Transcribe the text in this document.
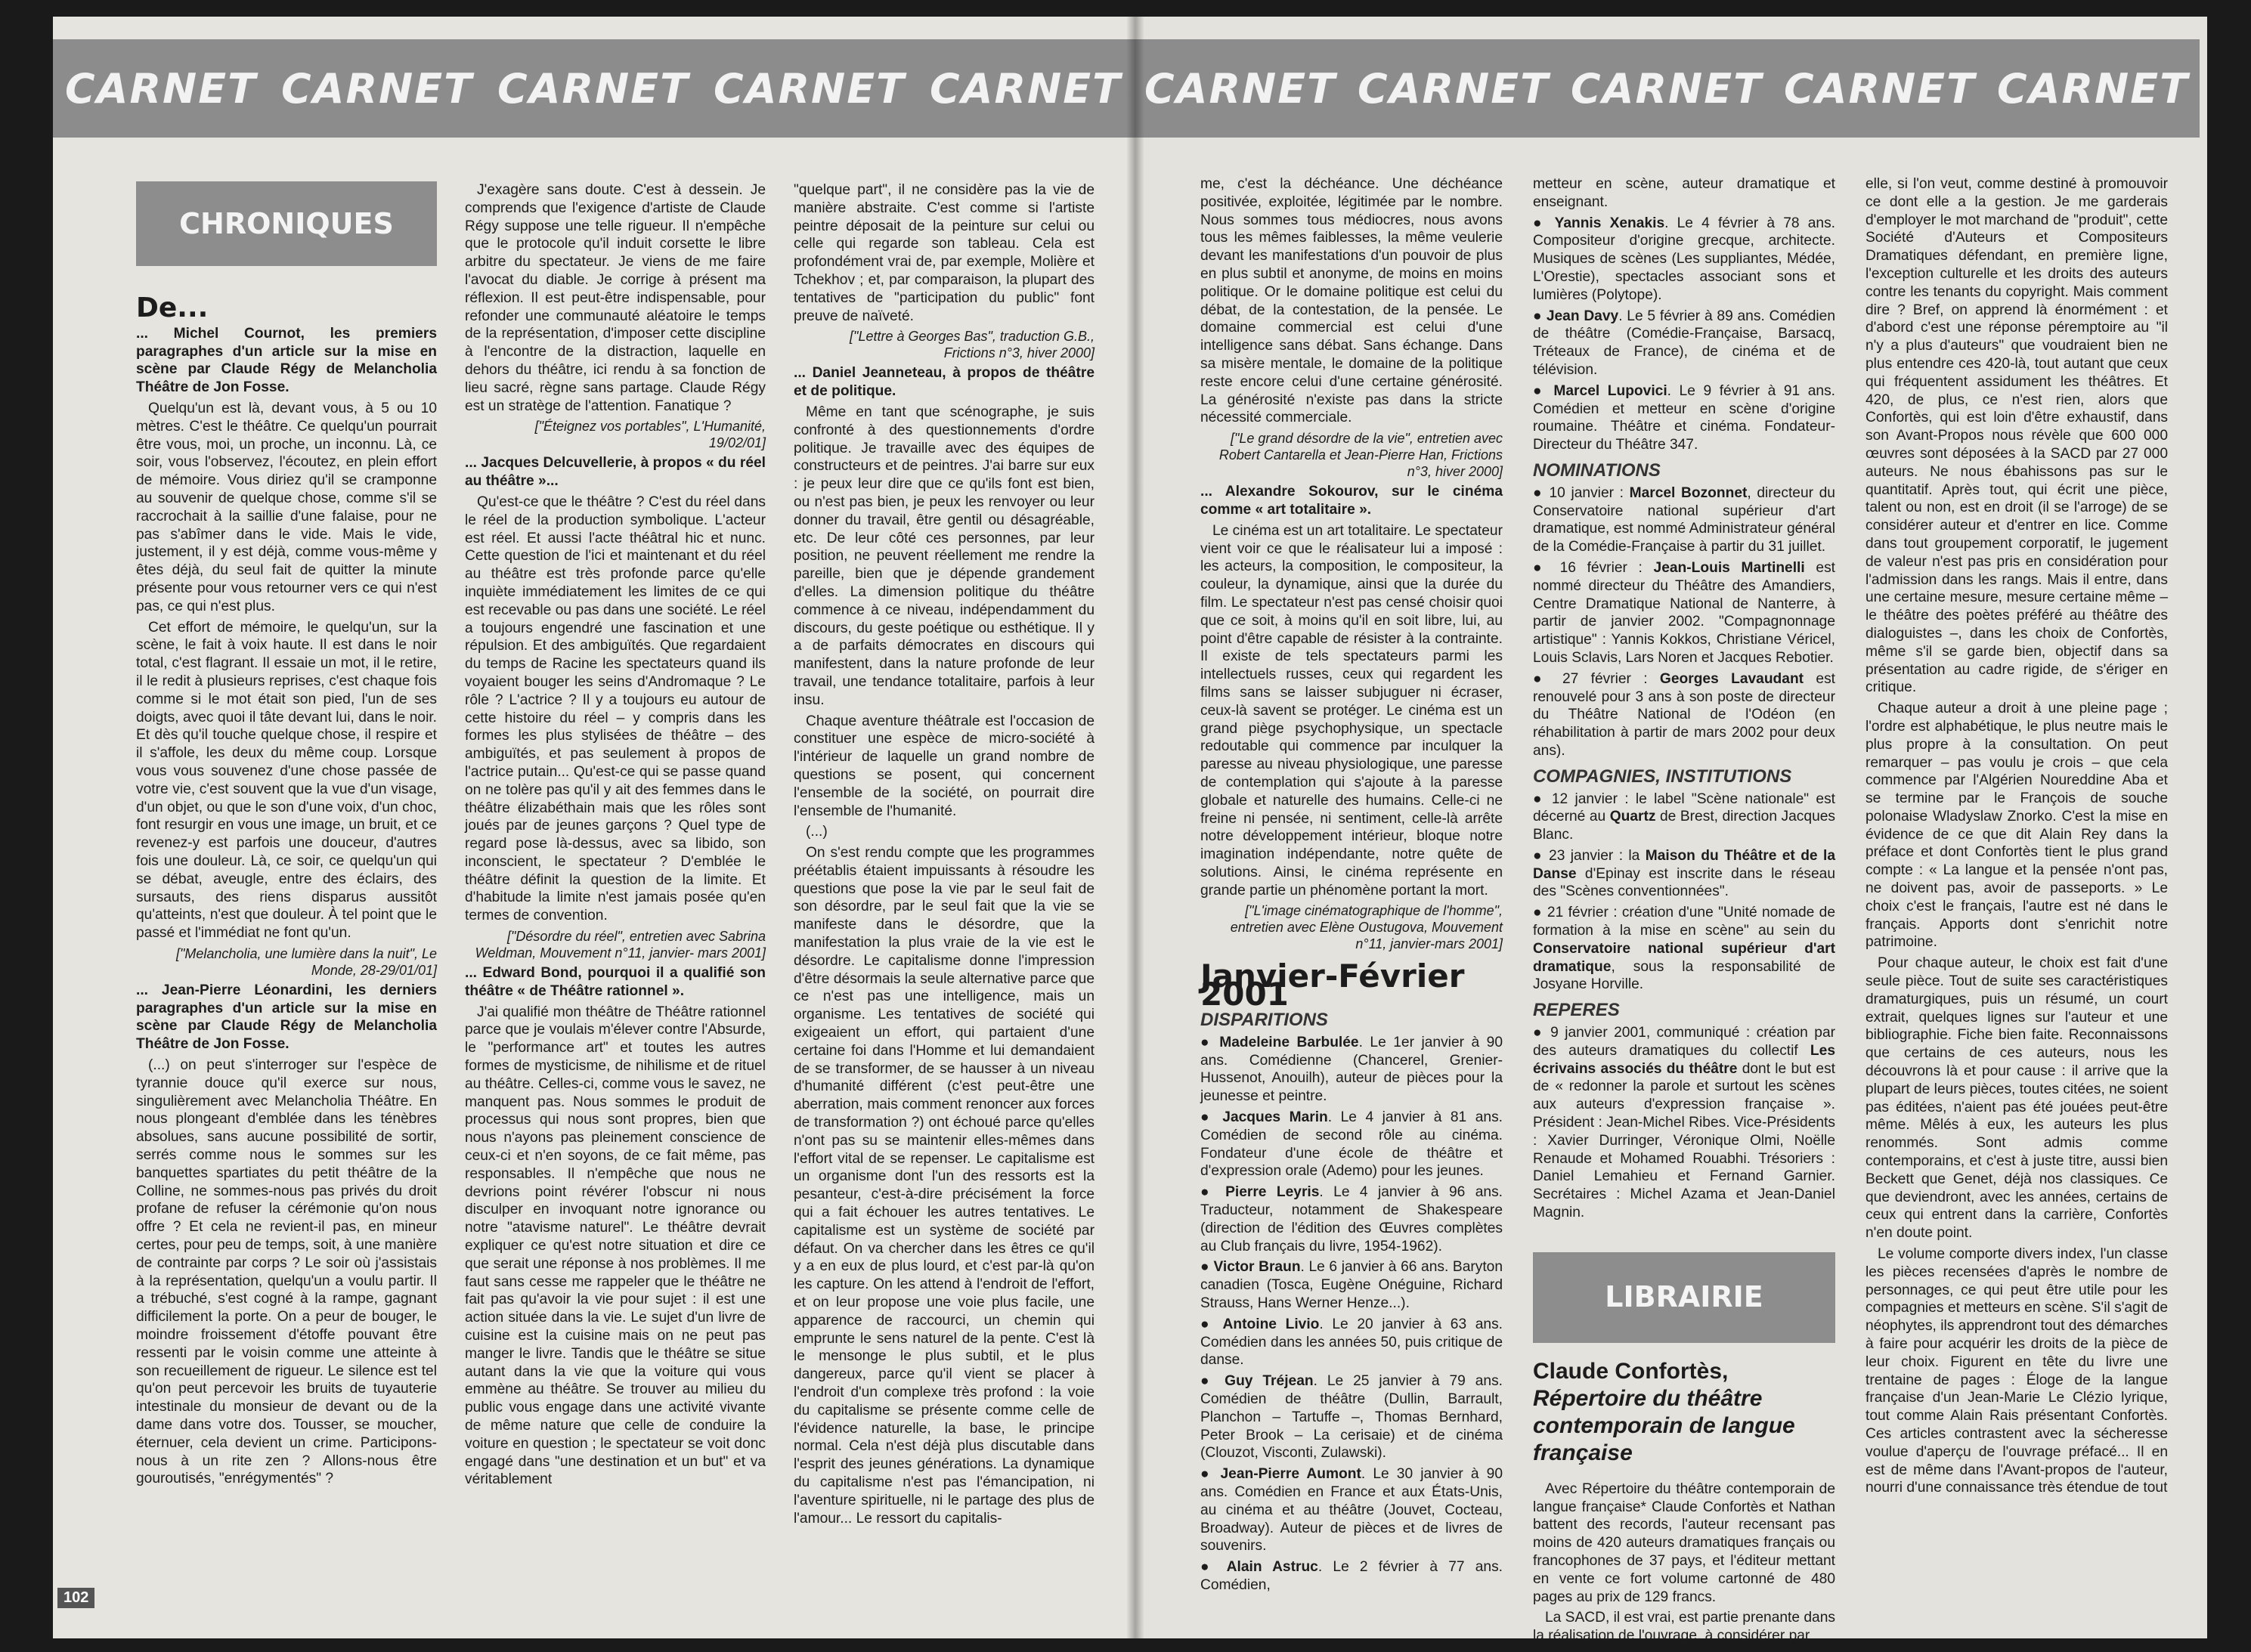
CARNET CARNET CARNET CARNET CARNET
CHRONIQUES
De...

... Michel Cournot, les premiers paragraphes d'un article sur la mise en scène par Claude Régy de Melancholia Théâtre de Jon Fosse.

Quelqu'un est là, devant vous, à 5 ou 10 mètres. C'est le théâtre. Ce quelqu'un pourrait être vous, moi, un proche, un inconnu. Là, ce soir, vous l'observez, l'écoutez, en plein effort de mémoire. Vous diriez qu'il se cramponne au souvenir de quelque chose, comme s'il se raccrochait à la saillie d'une falaise, pour ne pas s'abîmer dans le vide. Mais le vide, justement, il y est déjà, comme vous-même y êtes déjà, du seul fait de quitter la minute présente pour vous retourner vers ce qui n'est pas, ce qui n'est plus.

Cet effort de mémoire, le quelqu'un, sur la scène, le fait à voix haute. Il est dans le noir total, c'est flagrant. Il essaie un mot, il le retire, il le redit à plusieurs reprises, c'est chaque fois comme si le mot était son pied, l'un de ses doigts, avec quoi il tâte devant lui, dans le noir. Et dès qu'il touche quelque chose, il respire et il s'affole, les deux du même coup. Lorsque vous vous souvenez d'une chose passée de votre vie, c'est souvent que la vue d'un visage, d'un objet, ou que le son d'une voix, d'un choc, font resurgir en vous une image, un bruit, et ce revenez-y est parfois une douceur, d'autres fois une douleur. Là, ce soir, ce quelqu'un qui se débat, aveugle, entre des éclairs, des sursauts, des riens disparus aussitôt qu'atteints, n'est que douleur. À tel point que le passé et l'immédiat ne font qu'un.

["Melancholia, une lumière dans la nuit", Le Monde, 28-29/01/01]

... Jean-Pierre Léonardini, les derniers paragraphes d'un article sur la mise en scène par Claude Régy de Melancholia Théâtre de Jon Fosse.

(...) on peut s'interroger sur l'espèce de tyrannie douce qu'il exerce sur nous, singulièrement avec Melancholia Théâtre. En nous plongeant d'emblée dans les ténèbres absolues, sans aucune possibilité de sortir, serrés comme nous le sommes sur les banquettes spartiates du petit théâtre de la Colline, ne sommes-nous pas privés du droit profane de refuser la cérémonie qu'on nous offre ? Et cela ne revient-il pas, en mineur certes, pour peu de temps, soit, à une manière de contrainte par corps ? Le soir où j'assistais à la représentation, quelqu'un a voulu partir. Il a trébuché, s'est cogné à la rampe, gagnant difficilement la porte. On a peur de bouger, le moindre froissement d'étoffe pouvant être ressenti par le voisin comme une atteinte à son recueillement de rigueur. Le silence est tel qu'on peut percevoir les bruits de tuyauterie intestinale du monsieur de devant ou de la dame dans votre dos. Tousser, se moucher, éternuer, cela devient un crime. Participons-nous à un rite zen ? Allons-nous être gouroutisés, "enrégymentés" ?

J'exagère sans doute. C'est à dessein. Je comprends que l'exigence d'artiste de Claude Régy suppose une telle rigueur. Il n'empêche que le protocole qu'il induit corsette le libre arbitre du spectateur. Je viens de me faire l'avocat du diable. Je corrige à présent ma réflexion. Il est peut-être indispensable, pour refonder une communauté aléatoire le temps de la représentation, d'imposer cette discipline à l'encontre de la distraction, laquelle en dehors du théâtre, ici rendu à sa fonction de lieu sacré, règne sans partage. Claude Régy est un stratège de l'attention. Fanatique ?

["Éteignez vos portables", L'Humanité, 19/02/01]

... Jacques Delcuvellerie, à propos « du réel au théâtre »...

Qu'est-ce que le théâtre ? C'est du réel dans le réel de la production symbolique. L'acteur est réel. Et aussi l'acte théâtral hic et nunc. Cette question de l'ici et maintenant et du réel au théâtre est très profonde parce qu'elle inquiète immédiatement les limites de ce qui est recevable ou pas dans une société. Le réel a toujours engendré une fascination et une répulsion. Et des ambiguïtés. Que regardaient du temps de Racine les spectateurs quand ils voyaient bouger les seins d'Andromaque ? Le rôle ? L'actrice ? Il y a toujours eu autour de cette histoire du réel – y compris dans les formes les plus stylisées de théâtre – des ambiguïtés, et pas seulement à propos de l'actrice putain... Qu'est-ce qui se passe quand on ne tolère pas qu'il y ait des femmes dans le théâtre élizabéthain mais que les rôles sont joués par de jeunes garçons ? Quel type de regard pose là-dessus, avec sa libido, son inconscient, le spectateur ? D'emblée le théâtre définit la question de la limite. Et d'habitude la limite n'est jamais posée qu'en termes de convention.

["Désordre du réel", entretien avec Sabrina Weldman, Mouvement n°11, janvier- mars 2001]

... Edward Bond, pourquoi il a qualifié son théâtre « de Théâtre rationnel ».

J'ai qualifié mon théâtre de Théâtre rationnel parce que je voulais m'élever contre l'Absurde, le "performance art" et toutes les autres formes de mysticisme, de nihilisme et de rituel au théâtre. Celles-ci, comme vous le savez, ne manquent pas. Nous sommes le produit de processus qui nous sont propres, bien que nous n'ayons pas pleinement conscience de ceux-ci et n'en soyons, de ce fait même, pas responsables. Il n'empêche que nous ne devrions point révérer l'obscur ni nous disculper en invoquant notre ignorance ou notre "atavisme naturel". Le théâtre devrait expliquer ce qu'est notre situation et dire ce que serait une réponse à nos problèmes. Il me faut sans cesse me rappeler que le théâtre ne fait pas qu'avoir la vie pour sujet : il est une action située dans la vie. Le sujet d'un livre de cuisine est la cuisine mais on ne peut pas manger le livre. Tandis que le théâtre se situe autant dans la vie que la voiture qui vous emmène au théâtre. Se trouver au milieu du public vous engage dans une activité vivante de même nature que celle de conduire la voiture en question ; le spectateur se voit donc engagé dans "une destination et un but" et va véritablement

"quelque part", il ne considère pas la vie de manière abstraite. C'est comme si l'artiste peintre déposait de la peinture sur celui ou celle qui regarde son tableau. Cela est profondément vrai de, par exemple, Molière et Tchekhov ; et, par comparaison, la plupart des tentatives de "participation du public" font preuve de naïveté.

["Lettre à Georges Bas", traduction G.B., Frictions n°3, hiver 2000]

... Daniel Jeanneteau, à propos de théâtre et de politique.

Même en tant que scénographe, je suis confronté à des questionnements d'ordre politique. Je travaille avec des équipes de constructeurs et de peintres. J'ai barre sur eux : je peux leur dire que ce qu'ils font est bien, ou n'est pas bien, je peux les renvoyer ou leur donner du travail, être gentil ou désagréable, etc. De leur côté ces personnes, par leur position, ne peuvent réellement me rendre la pareille, bien que je dépende grandement d'elles. La dimension politique du théâtre commence à ce niveau, indépendamment du discours, du geste poétique ou esthétique. Il y a de parfaits démocrates en discours qui manifestent, dans la nature profonde de leur travail, une tendance totalitaire, parfois à leur insu.

Chaque aventure théâtrale est l'occasion de constituer une espèce de micro-société à l'intérieur de laquelle un grand nombre de questions se posent, qui concernent l'ensemble de la société, on pourrait dire l'ensemble de l'humanité.

(...)

On s'est rendu compte que les programmes préétablis étaient impuissants à résoudre les questions que pose la vie par le seul fait de son désordre, par le seul fait que la vie se manifeste dans le désordre, que la manifestation la plus vraie de la vie est le désordre. Le capitalisme donne l'impression d'être désormais la seule alternative parce que ce n'est pas une intelligence, mais un organisme. Les tentatives de société qui exigeaient un effort, qui partaient d'une certaine foi dans l'Homme et lui demandaient de se transformer, de se hausser à un niveau d'humanité différent (c'est peut-être une aberration, mais comment renoncer aux forces de transformation ?) ont échoué parce qu'elles n'ont pas su se maintenir elles-mêmes dans l'effort vital de se repenser. Le capitalisme est un organisme dont l'un des ressorts est la pesanteur, c'est-à-dire précisément la force qui a fait échouer les autres tentatives. Le capitalisme est un système de société par défaut. On va chercher dans les êtres ce qu'il y a en eux de plus lourd, et c'est par-là qu'on les capture. On les attend à l'endroit de l'effort, et on leur propose une voie plus facile, une apparence de raccourci, un chemin qui emprunte le sens naturel de la pente. C'est là le mensonge le plus subtil, et le plus dangereux, parce qu'il vient se placer à l'endroit d'un complexe très profond : la voie du capitalisme se présente comme celle de l'évidence naturelle, la base, le principe normal. Cela n'est déjà plus discutable dans l'esprit des jeunes générations. La dynamique du capitalisme n'est pas l'émancipation, ni l'aventure spirituelle, ni le partage des plus de l'amour... Le ressort du capitalis-

102
CARNET CARNET CARNET CARNET CARNET

me, c'est la déchéance. Une déchéance positivée, exploitée, légitimée par le nombre. Nous sommes tous médiocres, nous avons tous les mêmes faiblesses, la même veulerie devant les manifestations d'un pouvoir de plus en plus subtil et anonyme, de moins en moins politique. Or le domaine politique est celui du débat, de la contestation, de la pensée. Le domaine commercial est celui d'une intelligence sans débat. Sans échange. Dans sa misère mentale, le domaine de la politique reste encore celui d'une certaine générosité. La générosité n'existe pas dans la stricte nécessité commerciale.

["Le grand désordre de la vie", entretien avec Robert Cantarella et Jean-Pierre Han, Frictions n°3, hiver 2000]

... Alexandre Sokourov, sur le cinéma comme « art totalitaire ».

Le cinéma est un art totalitaire. Le spectateur vient voir ce que le réalisateur lui a imposé : les acteurs, la composition, le compositeur, la couleur, la dynamique, ainsi que la durée du film. Le spectateur n'est pas censé choisir quoi que ce soit, à moins qu'il en soit libre, lui, au point d'être capable de résister à la contrainte. Il existe de tels spectateurs parmi les intellectuels russes, ceux qui regardent les films sans se laisser subjuguer ni écraser, ceux-là savent se protéger. Le cinéma est un grand piège psychophysique, un spectacle redoutable qui commence par inculquer la paresse au niveau physiologique, une paresse de contemplation qui s'ajoute à la paresse globale et naturelle des humains. Celle-ci ne freine ni pensée, ni sentiment, celle-là arrête notre développement intérieur, bloque notre imagination indépendante, notre quête de solutions. Ainsi, le cinéma représente en grande partie un phénomène portant la mort.

["L'image cinématographique de l'homme", entretien avec Elène Oustugova, Mouvement n°11, janvier-mars 2001]

Janvier-Février 2001
DISPARITIONS

● Madeleine Barbulée. Le 1er janvier à 90 ans. Comédienne (Chancerel, Grenier-Hussenot, Anouilh), auteur de pièces pour la jeunesse et peintre.

● Jacques Marin. Le 4 janvier à 81 ans. Comédien de second rôle au cinéma. Fondateur d'une école de théâtre et d'expression orale (Ademo) pour les jeunes.

● Pierre Leyris. Le 4 janvier à 96 ans. Traducteur, notamment de Shakespeare (direction de l'édition des Œuvres complètes au Club français du livre, 1954-1962).

● Victor Braun. Le 6 janvier à 66 ans. Baryton canadien (Tosca, Eugène Onéguine, Richard Strauss, Hans Werner Henze...).

● Antoine Livio. Le 20 janvier à 63 ans. Comédien dans les années 50, puis critique de danse.

● Guy Tréjean. Le 25 janvier à 79 ans. Comédien de théâtre (Dullin, Barrault, Planchon – Tartuffe –, Thomas Bernhard, Peter Brook – La cerisaie) et de cinéma (Clouzot, Visconti, Zulawski).

● Jean-Pierre Aumont. Le 30 janvier à 90 ans. Comédien en France et aux États-Unis, au cinéma et au théâtre (Jouvet, Cocteau, Broadway). Auteur de pièces et de livres de souvenirs.

● Alain Astruc. Le 2 février à 77 ans. Comédien,

metteur en scène, auteur dramatique et enseignant.

● Yannis Xenakis. Le 4 février à 78 ans. Compositeur d'origine grecque, architecte. Musiques de scènes (Les suppliantes, Médée, L'Orestie), spectacles associant sons et lumières (Polytope).

● Jean Davy. Le 5 février à 89 ans. Comédien de théâtre (Comédie-Française, Barsacq, Tréteaux de France), de cinéma et de télévision.

● Marcel Lupovici. Le 9 février à 91 ans. Comédien et metteur en scène d'origine roumaine. Théâtre et cinéma. Fondateur-Directeur du Théâtre 347.

NOMINATIONS

● 10 janvier : Marcel Bozonnet, directeur du Conservatoire national supérieur d'art dramatique, est nommé Administrateur général de la Comédie-Française à partir du 31 juillet.

● 16 février : Jean-Louis Martinelli est nommé directeur du Théâtre des Amandiers, Centre Dramatique National de Nanterre, à partir de janvier 2002. "Compagnonnage artistique" : Yannis Kokkos, Christiane Véricel, Louis Sclavis, Lars Noren et Jacques Rebotier.

● 27 février : Georges Lavaudant est renouvelé pour 3 ans à son poste de directeur du Théâtre National de l'Odéon (en réhabilitation à partir de mars 2002 pour deux ans).

COMPAGNIES, INSTITUTIONS

● 12 janvier : le label "Scène nationale" est décerné au Quartz de Brest, direction Jacques Blanc.

● 23 janvier : la Maison du Théâtre et de la Danse d'Epinay est inscrite dans le réseau des "Scènes conventionnées".

● 21 février : création d'une "Unité nomade de formation à la mise en scène" au sein du Conservatoire national supérieur d'art dramatique, sous la responsabilité de Josyane Horville.

REPERES

● 9 janvier 2001, communiqué : création par des auteurs dramatiques du collectif Les écrivains associés du théâtre dont le but est de « redonner la parole et surtout les scènes aux auteurs d'expression française ». Président : Jean-Michel Ribes. Vice-Présidents : Xavier Durringer, Véronique Olmi, Noëlle Renaude et Mohamed Rouabhi. Trésoriers : Daniel Lemahieu et Fernand Garnier. Secrétaires : Michel Azama et Jean-Daniel Magnin.

LIBRAIRIE
Claude Confortès,
Répertoire du théâtre contemporain de langue française

Avec Répertoire du théâtre contemporain de langue française* Claude Confortès et Nathan battent des records, l'auteur recensant pas moins de 420 auteurs dramatiques français ou francophones de 37 pays, et l'éditeur mettant en vente ce fort volume cartonné de 480 pages au prix de 129 francs.

La SACD, il est vrai, est partie prenante dans la réalisation de l'ouvrage, à considérer par

elle, si l'on veut, comme destiné à promouvoir ce dont elle a la gestion. Je me garderais d'employer le mot marchand de "produit", cette Société d'Auteurs et Compositeurs Dramatiques défendant, en première ligne, l'exception culturelle et les droits des auteurs contre les tenants du copyright. Mais comment dire ? Bref, on apprend là énormément : et d'abord c'est une réponse péremptoire au "il n'y a plus d'auteurs" que voudraient bien ne plus entendre ces 420-là, tout autant que ceux qui fréquentent assidument les théâtres. Et 420, de plus, ce n'est rien, alors que Confortès, qui est loin d'être exhaustif, dans son Avant-Propos nous révèle que 600 000 œuvres sont déposées à la SACD par 27 000 auteurs. Ne nous ébahissons pas sur le quantitatif. Après tout, qui écrit une pièce, talent ou non, est en droit (il se l'arroge) de se considérer auteur et d'entrer en lice. Comme dans tout groupement corporatif, le jugement de valeur n'est pas pris en considération pour l'admission dans les rangs. Mais il entre, dans une certaine mesure, mesure certaine même – le théâtre des poètes préféré au théâtre des dialoguistes –, dans les choix de Confortès, même s'il se garde bien, objectif dans sa présentation au cadre rigide, de s'ériger en critique.

Chaque auteur a droit à une pleine page ; l'ordre est alphabétique, le plus neutre mais le plus propre à la consultation. On peut remarquer – pas voulu je crois – que cela commence par l'Algérien Noureddine Aba et se termine par le François de souche polonaise Wladyslaw Znorko. C'est la mise en évidence de ce que dit Alain Rey dans la préface et dont Confortès tient le plus grand compte : « La langue et la pensée n'ont pas, ne doivent pas, avoir de passeports. » Le choix c'est le français, l'autre est né dans le français. Apports dont s'enrichit notre patrimoine.

Pour chaque auteur, le choix est fait d'une seule pièce. Tout de suite ses caractéristiques dramaturgiques, puis un résumé, un court extrait, quelques lignes sur l'auteur et une bibliographie. Fiche bien faite. Reconnaissons que certains de ces auteurs, nous les découvrons là et pour cause : il arrive que la plupart de leurs pièces, toutes citées, ne soient pas éditées, n'aient pas été jouées peut-être même. Mêlés à eux, les auteurs les plus renommés. Sont admis comme contemporains, et c'est à juste titre, aussi bien Beckett que Genet, déjà nos classiques. Ce que deviendront, avec les années, certains de ceux qui entrent dans la carrière, Confortès n'en doute point.

Le volume comporte divers index, l'un classe les pièces recensées d'après le nombre de personnages, ce qui peut être utile pour les compagnies et metteurs en scène. S'il s'agit de néophytes, ils apprendront tout des démarches à faire pour acquérir les droits de la pièce de leur choix. Figurent en tête du livre une trentaine de pages : Éloge de la langue française d'un Jean-Marie Le Clézio lyrique, tout comme Alain Rais présentant Confortès. Ces articles contrastent avec la sécheresse voulue d'aperçu de l'ouvrage préfacé... Il en est de même dans l'Avant-propos de l'auteur, nourri d'une connaissance très étendue de tout
